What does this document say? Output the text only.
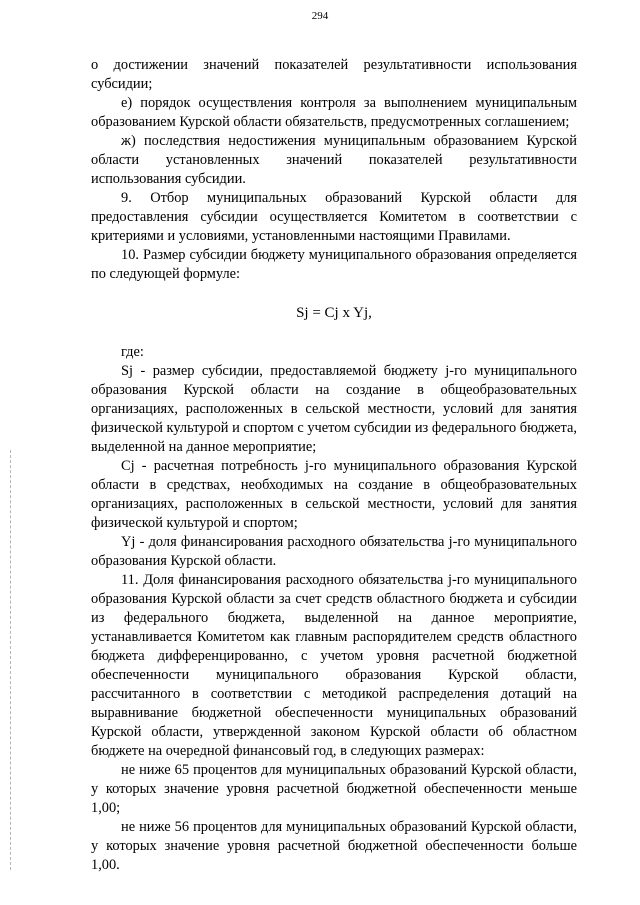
294

о достижении значений показателей результативности использования субсидии;

е) порядок осуществления контроля за выполнением муниципальным образованием Курской области обязательств, предусмотренных соглашением;

ж) последствия недостижения муниципальным образованием Курской области установленных значений показателей результативности использования субсидии.

9. Отбор муниципальных образований Курской области для предоставления субсидии осуществляется Комитетом в соответствии с критериями и условиями, установленными настоящими Правилами.

10. Размер субсидии бюджету муниципального образования определяется по следующей формуле:

Sj = Cj x Yj,

где:

Sj - размер субсидии, предоставляемой бюджету j-го муниципального образования Курской области на создание в общеобразовательных организациях, расположенных в сельской местности, условий для занятия физической культурой и спортом с учетом субсидии из федерального бюджета, выделенной на данное мероприятие;

Cj - расчетная потребность j-го муниципального образования Курской области в средствах, необходимых на создание в общеобразовательных организациях, расположенных в сельской местности, условий для занятия физической культурой и спортом;

Yj - доля финансирования расходного обязательства j-го муниципального образования Курской области.

11. Доля финансирования расходного обязательства j-го муниципального образования Курской области за счет средств областного бюджета и субсидии из федерального бюджета, выделенной на данное мероприятие, устанавливается Комитетом как главным распорядителем средств областного бюджета дифференцированно, с учетом уровня расчетной бюджетной обеспеченности муниципального образования Курской области, рассчитанного в соответствии с методикой распределения дотаций на выравнивание бюджетной обеспеченности муниципальных образований Курской области, утвержденной законом Курской области об областном бюджете на очередной финансовый год, в следующих размерах:

не ниже 65 процентов для муниципальных образований Курской области, у которых значение уровня расчетной бюджетной обеспеченности меньше 1,00;

не ниже 56 процентов для муниципальных образований Курской области, у которых значение уровня расчетной бюджетной обеспеченности больше 1,00.
